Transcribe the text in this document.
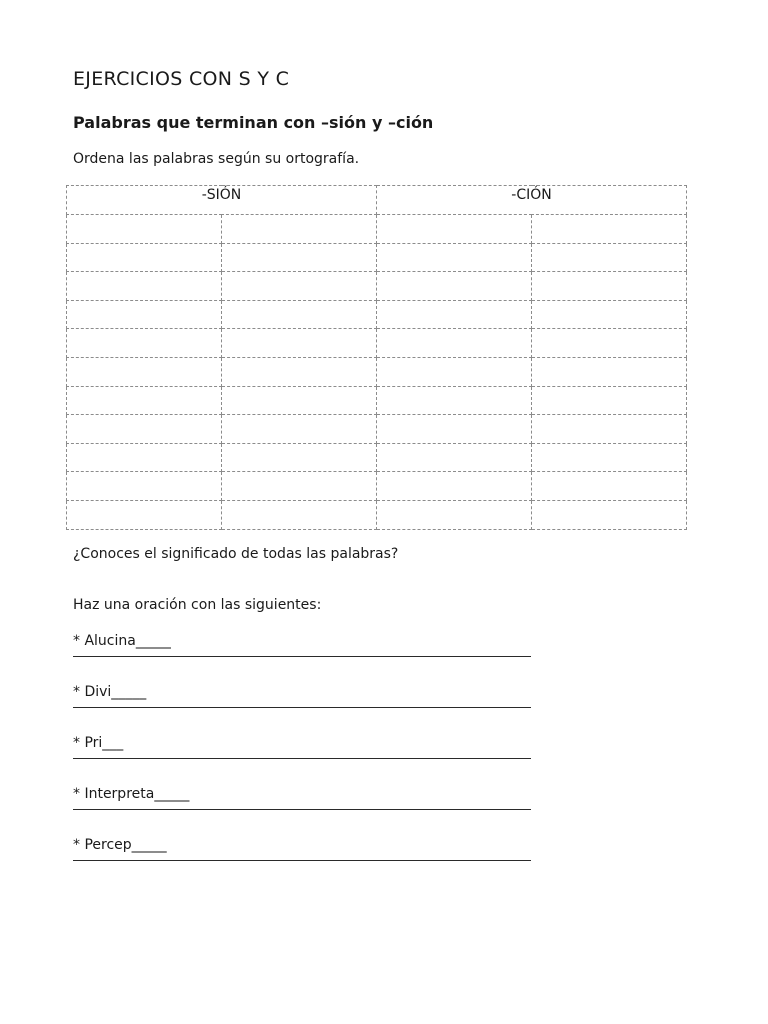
EJERCICIOS CON S Y C
Palabras que terminan con –sión y –ción

Ordena las palabras según su ortografía.

-SIÓN		-CIÓN	

¿Conoces el significado de todas las palabras?

Haz una oración con las siguientes:

* Alucina_____
* Divi_____
* Pri___
* Interpreta_____
* Percep_____
